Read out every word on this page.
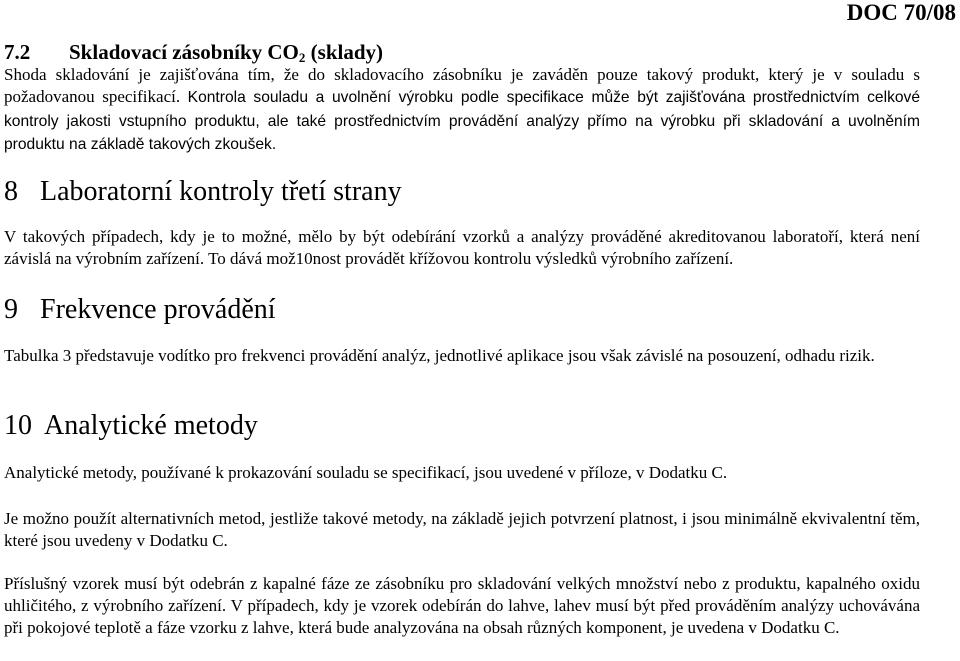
DOC 70/08
7.2 Skladovací zásobníky $CO_2$ (sklady)

Shoda skladování je zajišťována tím, že do skladovacího zásobníku je zaváděn pouze takový produkt, který je v souladu s požadovanou specifikací. Kontrola souladu a uvolnění výrobku podle specifikace může být zajišťována prostřednictvím celkové kontroly jakosti vstupního produktu, ale také prostřednictvím provádění analýzy přímo na výrobku při skladování a uvolněním produktu na základě takových zkoušek.

8 Laboratorní kontroly třetí strany

V takových případech, kdy je to možné, mělo by být odebírání vzorků a analýzy prováděné akreditovanou laboratoří, která není závislá na výrobním zařízení. To dává mož10nost provádět křížovou kontrolu výsledků výrobního zařízení.

9 Frekvence provádění

Tabulka 3 představuje vodítko pro frekvenci provádění analýz, jednotlivé aplikace jsou však závislé na posouzení, odhadu rizik.

10 Analytické metody

Analytické metody, používané k prokazování souladu se specifikací, jsou uvedené v příloze, v Dodatku C.

Je možno použít alternativních metod, jestliže takové metody, na základě jejich potvrzení platnost, i jsou minimálně ekvivalentní těm, které jsou uvedeny v Dodatku C.

Příslušný vzorek musí být odebrán z kapalné fáze ze zásobníku pro skladování velkých množství nebo z produktu, kapalného oxidu uhličitého, z výrobního zařízení. V případech, kdy je vzorek odebírán do lahve, lahev musí být před prováděním analýzy uchovávána při pokojové teplotě a fáze vzorku z lahve, která bude analyzována na obsah různých komponent, je uvedena v Dodatku C.
